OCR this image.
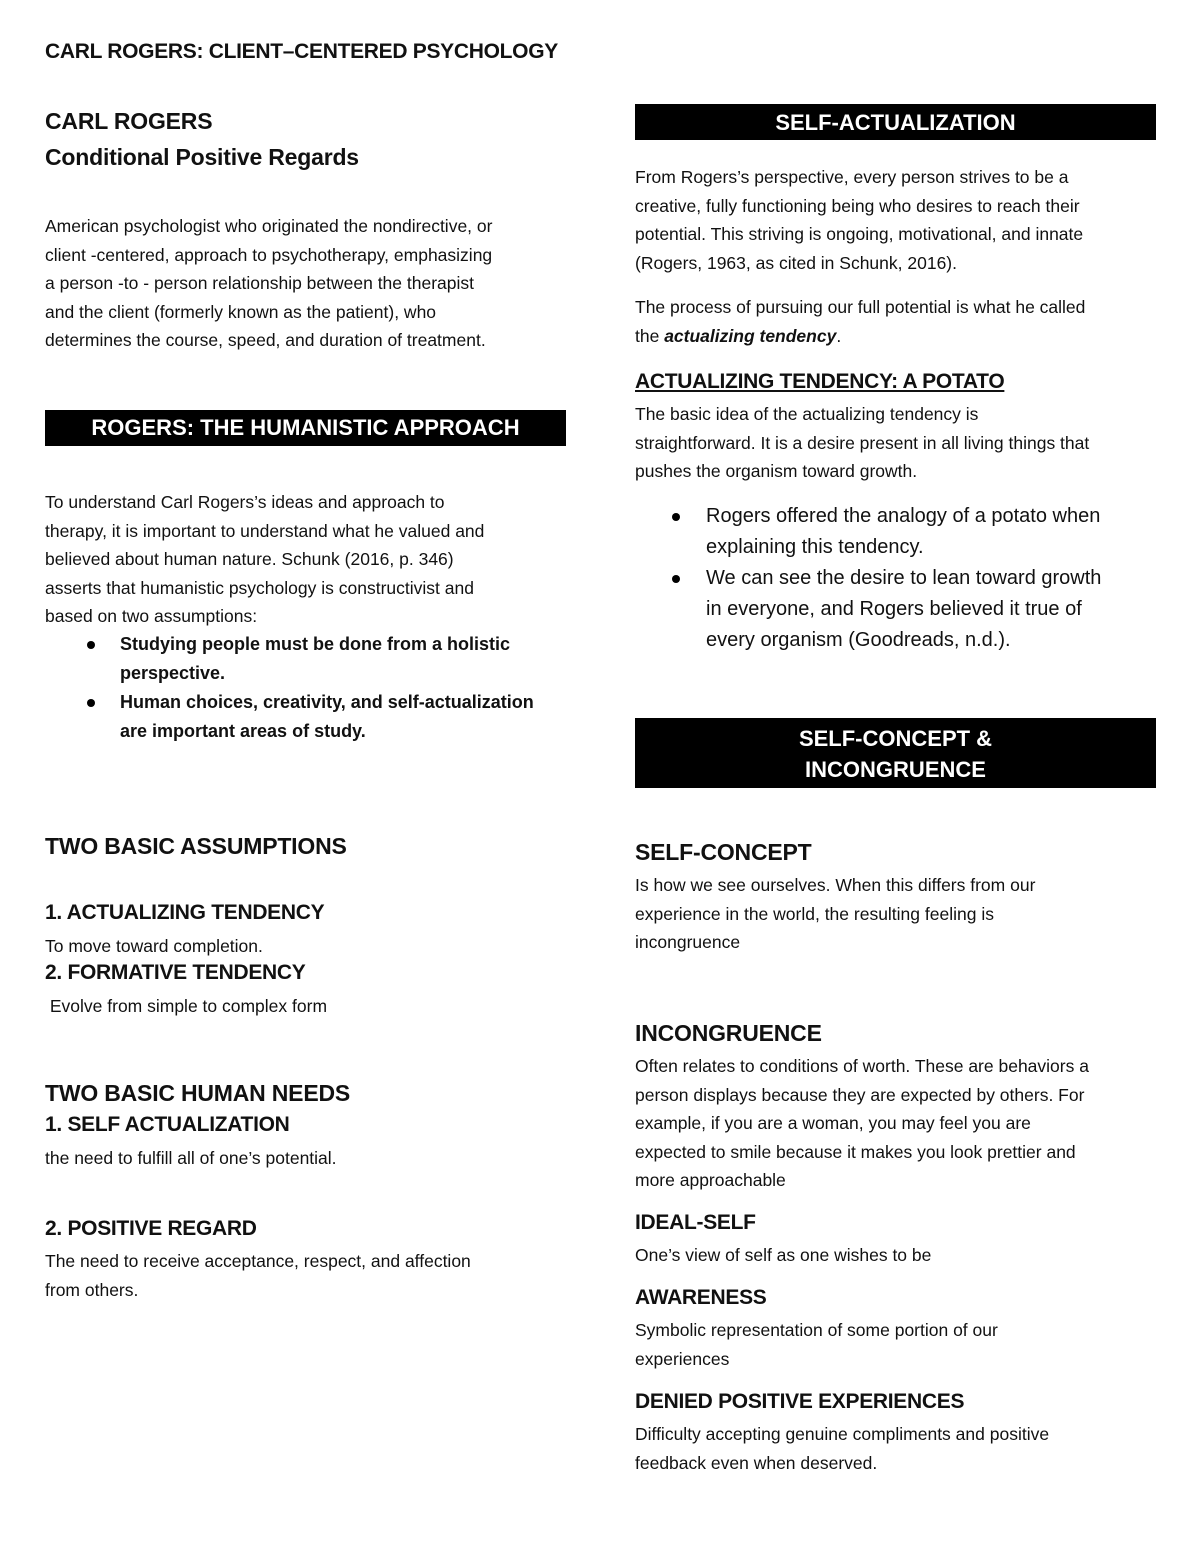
CARL ROGERS: CLIENT–CENTERED PSYCHOLOGY
CARL ROGERS
Conditional Positive Regards
American psychologist who originated the nondirective, or
client -centered, approach to psychotherapy, emphasizing
a person -to - person relationship between the therapist
and the client (formerly known as the patient), who
determines the course, speed, and duration of treatment.
ROGERS: THE HUMANISTIC APPROACH
To understand Carl Rogers’s ideas and approach to
therapy, it is important to understand what he valued and
believed about human nature. Schunk (2016, p. 346)
asserts that humanistic psychology is constructivist and
based on two assumptions:
Studying people must be done from a holistic
perspective.
Human choices, creativity, and self-actualization
are important areas of study.
TWO BASIC ASSUMPTIONS
1. ACTUALIZING TENDENCY
To move toward completion.
2. FORMATIVE TENDENCY
Evolve from simple to complex form
TWO BASIC HUMAN NEEDS
1. SELF ACTUALIZATION
the need to fulfill all of one’s potential.
2. POSITIVE REGARD
The need to receive acceptance, respect, and affection
from others.
SELF-ACTUALIZATION
From Rogers’s perspective, every person strives to be a
creative, fully functioning being who desires to reach their
potential. This striving is ongoing, motivational, and innate
(Rogers, 1963, as cited in Schunk, 2016).
The process of pursuing our full potential is what he called
the actualizing tendency.
ACTUALIZING TENDENCY: A POTATO
The basic idea of the actualizing tendency is
straightforward. It is a desire present in all living things that
pushes the organism toward growth.
Rogers offered the analogy of a potato when
explaining this tendency.
We can see the desire to lean toward growth
in everyone, and Rogers believed it true of
every organism (Goodreads, n.d.).
SELF-CONCEPT &
INCONGRUENCE
SELF-CONCEPT
Is how we see ourselves. When this differs from our
experience in the world, the resulting feeling is
incongruence
INCONGRUENCE
Often relates to conditions of worth. These are behaviors a
person displays because they are expected by others. For
example, if you are a woman, you may feel you are
expected to smile because it makes you look prettier and
more approachable
IDEAL-SELF
One’s view of self as one wishes to be
AWARENESS
Symbolic representation of some portion of our
experiences
DENIED POSITIVE EXPERIENCES
Difficulty accepting genuine compliments and positive
feedback even when deserved.
